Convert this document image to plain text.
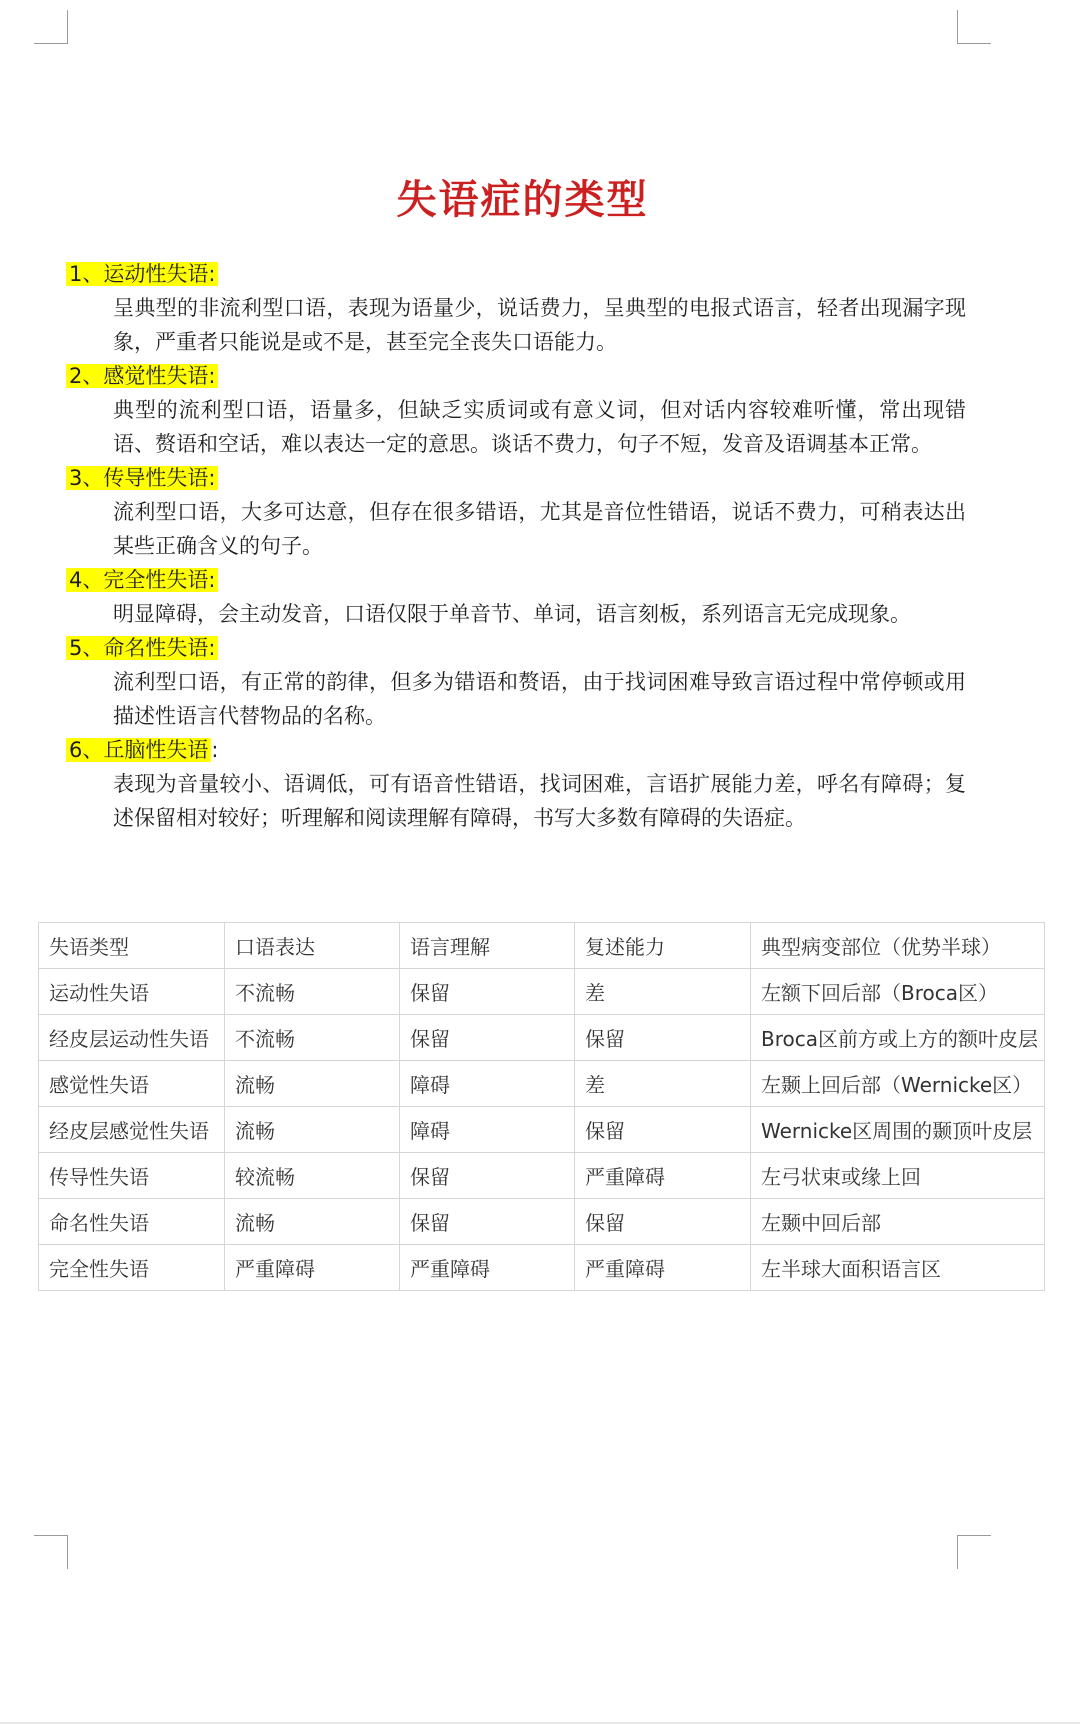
失语症的类型

1、运动性失语:

呈典型的非流利型口语，表现为语量少，说话费力，呈典型的电报式语言，轻者出现漏字现象，严重者只能说是或不是，甚至完全丧失口语能力。

2、感觉性失语:

典型的流利型口语，语量多，但缺乏实质词或有意义词，但对话内容较难听懂，常出现错语、赘语和空话，难以表达一定的意思。谈话不费力，句子不短，发音及语调基本正常。

3、传导性失语:

流利型口语，大多可达意，但存在很多错语，尤其是音位性错语，说话不费力，可稍表达出某些正确含义的句子。

4、完全性失语:

明显障碍，会主动发音，口语仅限于单音节、单词，语言刻板，系列语言无完成现象。

5、命名性失语:

流利型口语，有正常的韵律，但多为错语和赘语，由于找词困难导致言语过程中常停顿或用描述性语言代替物品的名称。

6、丘脑性失语 :

表现为音量较小、语调低，可有语音性错语，找词困难，言语扩展能力差，呼名有障碍；复述保留相对较好；听理解和阅读理解有障碍，书写大多数有障碍的失语症。

失语类型	口语表达	语言理解	复述能力	典型病变部位（优势半球）
运动性失语	不流畅	保留	差	左额下回后部（Broca区）
经皮层运动性失语	不流畅	保留	保留	Broca区前方或上方的额叶皮层
感觉性失语	流畅	障碍	差	左颞上回后部（Wernicke区）
经皮层感觉性失语	流畅	障碍	保留	Wernicke区周围的颞顶叶皮层
传导性失语	较流畅	保留	严重障碍	左弓状束或缘上回
命名性失语	流畅	保留	保留	左颞中回后部
完全性失语	严重障碍	严重障碍	严重障碍	左半球大面积语言区
